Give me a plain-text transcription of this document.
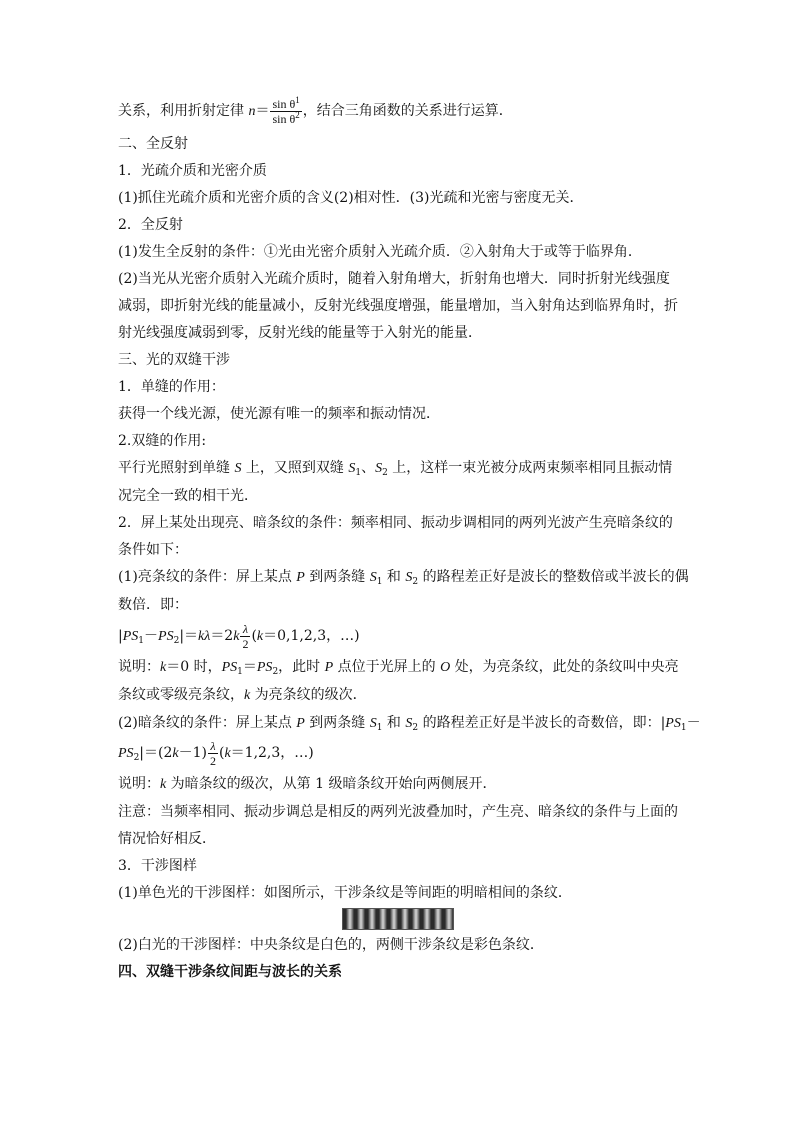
关系，利用折射定律 $n= \frac{\sin \theta^1}{\sin \theta^2}$ ，结合三角函数的关系进行运算．
二、全反射
1．光疏介质和光密介质
(1)抓住光疏介质和光密介质的含义(2)相对性．(3)光疏和光密与密度无关．
2．全反射
(1)发生全反射的条件：①光由光密介质射入光疏介质．②入射角大于或等于临界角．
(2)当光从光密介质射入光疏介质时，随着入射角增大，折射角也增大．同时折射光线强度
减弱，即折射光线的能量减小，反射光线强度增强，能量增加，当入射角达到临界角时，折
射光线强度减弱到零，反射光线的能量等于入射光的能量．
三、光的双缝干涉
1．单缝的作用：
获得一个线光源，使光源有唯一的频率和振动情况．
2.双缝的作用:
平行光照射到单缝 S 上，又照到双缝 $S_1$、$S_2$ 上，这样一束光被分成两束频率相同且振动情
况完全一致的相干光．
2．屏上某处出现亮、暗条纹的条件：频率相同、振动步调相同的两列光波产生亮暗条纹的
条件如下：
(1)亮条纹的条件：屏上某点 P 到两条缝 $S_1$ 和 $S_2$ 的路程差正好是波长的整数倍或半波长的偶
数倍．即：
$|PS_1-PS_2|=k\lambda=2k \frac{\lambda}{2} (k=0,1,2,3$，…)
说明：k＝0 时，$PS_1=PS_2$，此时 P 点位于光屏上的 O 处，为亮条纹，此处的条纹叫中央亮
条纹或零级亮条纹，k 为亮条纹的级次．
(2)暗条纹的条件：屏上某点 P 到两条缝 $S_1$ 和 $S_2$ 的路程差正好是半波长的奇数倍，即：$|PS_1-$
$PS_2|=(2k-1) \frac{\lambda}{2} (k=1,2,3$，…)
说明：k 为暗条纹的级次，从第 1 级暗条纹开始向两侧展开．
注意：当频率相同、振动步调总是相反的两列光波叠加时，产生亮、暗条纹的条件与上面的
情况恰好相反．
3．干涉图样
(1)单色光的干涉图样：如图所示，干涉条纹是等间距的明暗相间的条纹．
(2)白光的干涉图样：中央条纹是白色的，两侧干涉条纹是彩色条纹．
四、双缝干涉条纹间距与波长的关系
